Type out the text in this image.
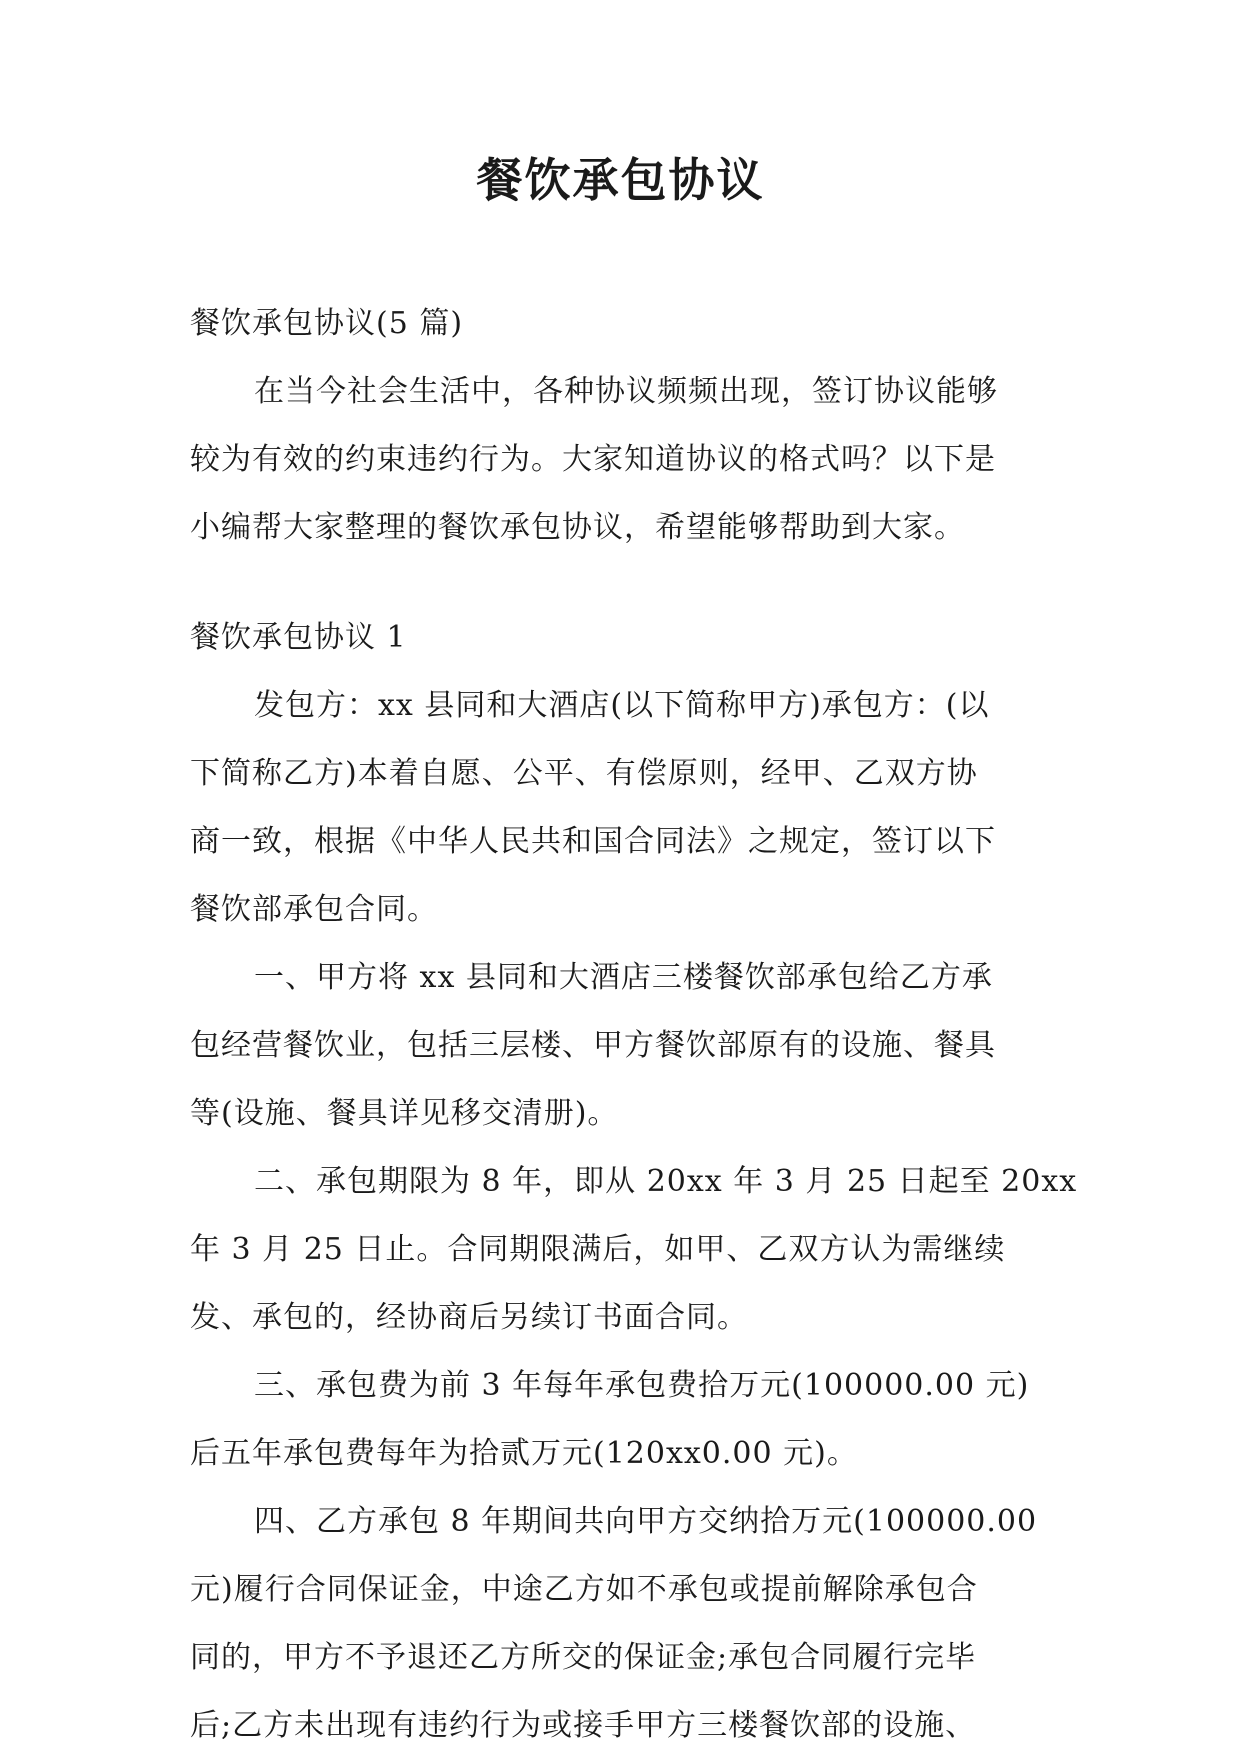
餐饮承包协议
餐饮承包协议(5 篇)
在当今社会生活中，各种协议频频出现，签订协议能够
较为有效的约束违约行为。大家知道协议的格式吗？以下是
小编帮大家整理的餐饮承包协议，希望能够帮助到大家。
餐饮承包协议 1
发包方：xx 县同和大酒店(以下简称甲方)承包方：(以
下简称乙方)本着自愿、公平、有偿原则，经甲、乙双方协
商一致，根据《中华人民共和国合同法》之规定，签订以下
餐饮部承包合同。
一、甲方将 xx 县同和大酒店三楼餐饮部承包给乙方承
包经营餐饮业，包括三层楼、甲方餐饮部原有的设施、餐具
等(设施、餐具详见移交清册)。
二、承包期限为 8 年，即从 20xx 年 3 月 25 日起至 20xx
年 3 月 25 日止。合同期限满后，如甲、乙双方认为需继续
发、承包的，经协商后另续订书面合同。
三、承包费为前 3 年每年承包费拾万元(100000.00 元)
后五年承包费每年为拾贰万元(120xx0.00 元)。
四、乙方承包 8 年期间共向甲方交纳拾万元(100000.00
元)履行合同保证金，中途乙方如不承包或提前解除承包合
同的，甲方不予退还乙方所交的保证金;承包合同履行完毕
后;乙方未出现有违约行为或接手甲方三楼餐饮部的设施、
